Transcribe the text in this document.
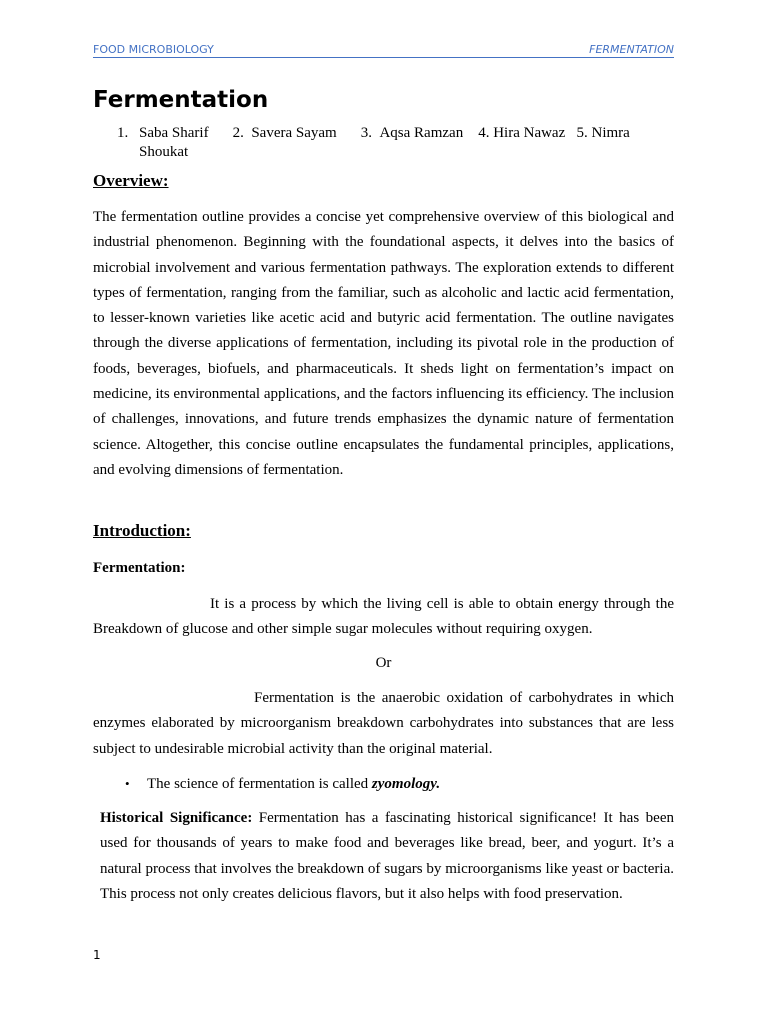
FOOD MICROBIOLOGY	FERMENTATION
Fermentation
1. Saba Sharif 2. Savera Sayam 3. Aqsa Ramzan 4. Hira Nawaz 5. Nimra
Shoukat
Overview:

The fermentation outline provides a concise yet comprehensive overview of this biological and industrial phenomenon. Beginning with the foundational aspects, it delves into the basics of microbial involvement and various fermentation pathways. The exploration extends to different types of fermentation, ranging from the familiar, such as alcoholic and lactic acid fermentation, to lesser-known varieties like acetic acid and butyric acid fermentation. The outline navigates through the diverse applications of fermentation, including its pivotal role in the production of foods, beverages, biofuels, and pharmaceuticals. It sheds light on fermentation’s impact on medicine, its environmental applications, and the factors influencing its efficiency. The inclusion of challenges, innovations, and future trends emphasizes the dynamic nature of fermentation science. Altogether, this concise outline encapsulates the fundamental principles, applications, and evolving dimensions of fermentation.

Introduction:
Fermentation:

It is a process by which the living cell is able to obtain energy through the Breakdown of glucose and other simple sugar molecules without requiring oxygen.

Or

Fermentation is the anaerobic oxidation of carbohydrates in which enzymes elaborated by microorganism breakdown carbohydrates into substances that are less subject to undesirable microbial activity than the original material.

• The science of fermentation is called zyomology.

Historical Significance: Fermentation has a fascinating historical significance! It has been used for thousands of years to make food and beverages like bread, beer, and yogurt. It’s a natural process that involves the breakdown of sugars by microorganisms like yeast or bacteria. This process not only creates delicious flavors, but it also helps with food preservation.

1
